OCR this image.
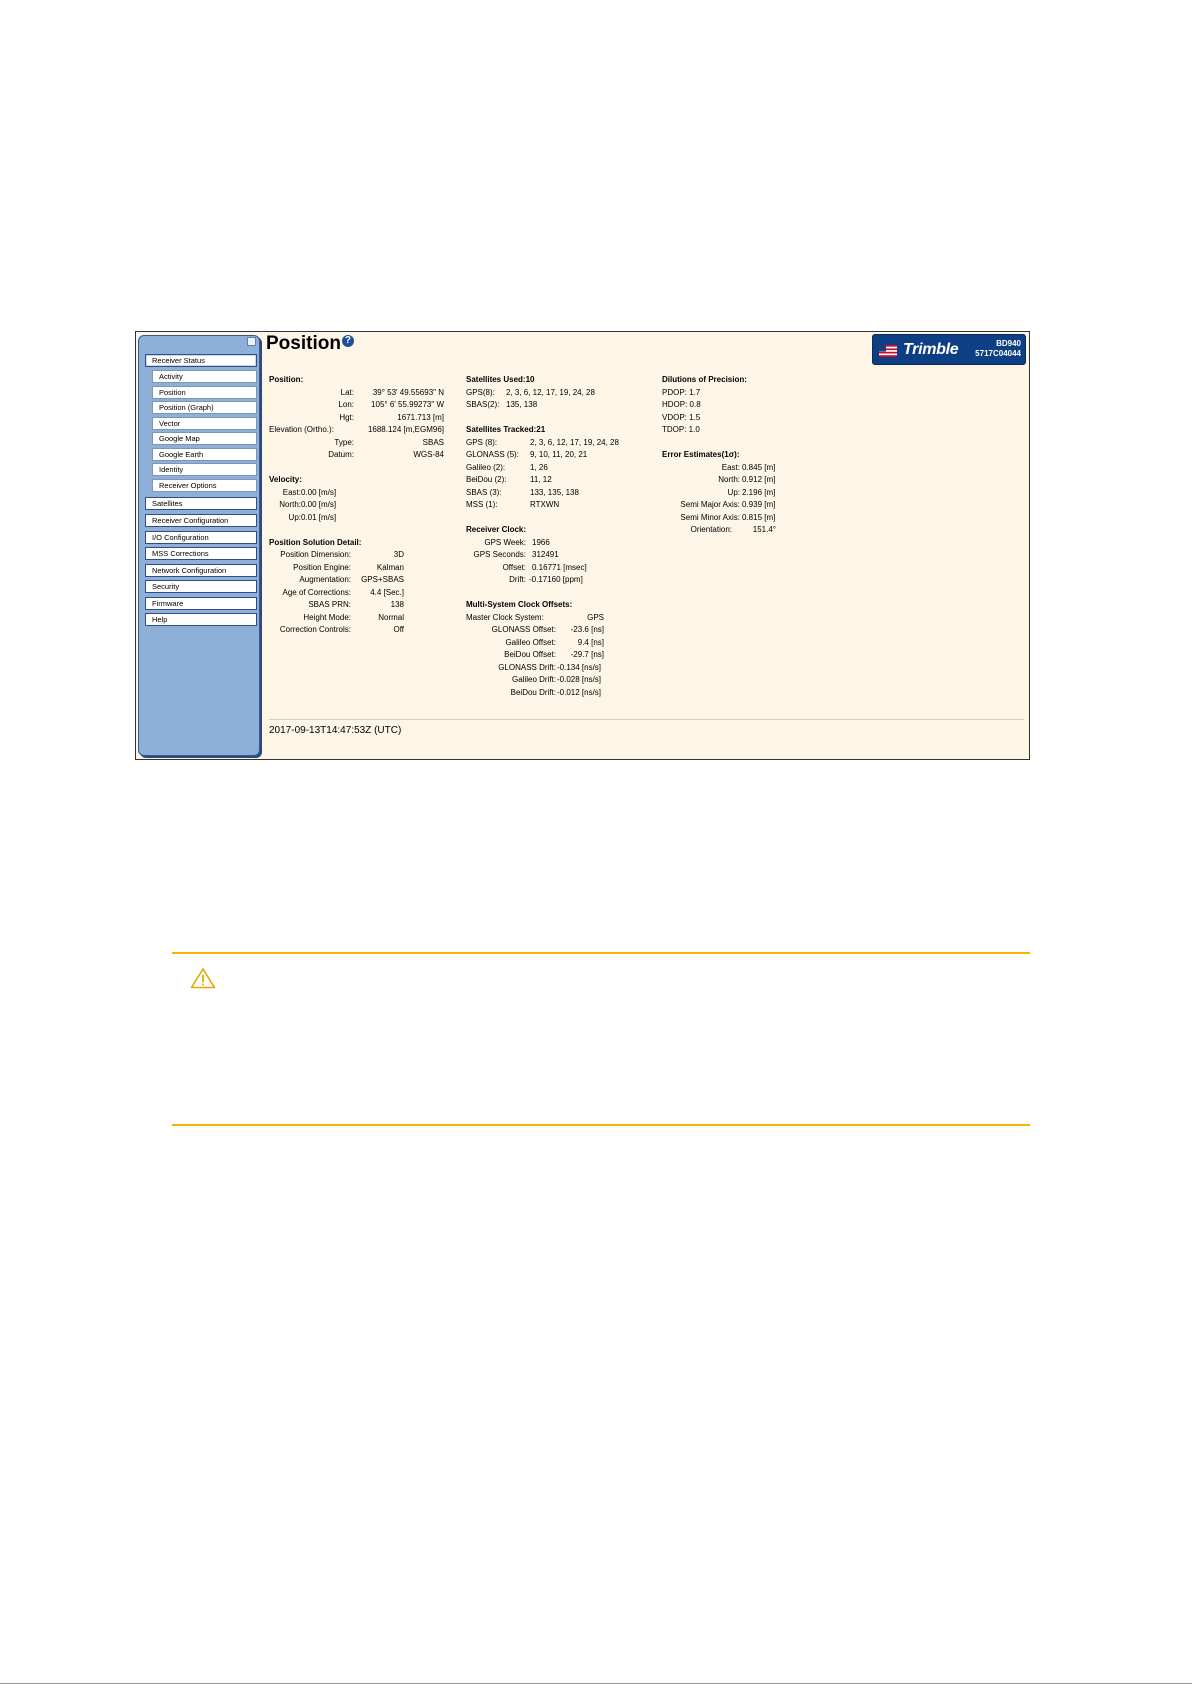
Receiver Status
Activity
Position
Position (Graph)
Vector
Google Map
Google Earth
Identity
Receiver Options
Satellites
Receiver Configuration
I/O Configuration
MSS Corrections
Network Configuration
Security
Firmware
Help
Position ?
Trimble	BD940
5717C04044
Position:
Lat:	39° 53' 49.55693" N
Lon:	105° 6' 55.99273" W
Hgt:	1671.713 [m]
Elevation (Ortho.):	1688.124 [m,EGM96]
Type:	SBAS
Datum:	WGS-84
Velocity:
East: 0.00 [m/s]
North: 0.00 [m/s]
Up: 0.01 [m/s]
Position Solution Detail:
Position Dimension:	3D
Position Engine:	Kalman
Augmentation:	GPS+SBAS
Age of Corrections:	4.4 [Sec.]
SBAS PRN:	138
Height Mode:	Normal
Correction Controls:	Off
Satellites Used:10
GPS(8): 2, 3, 6, 12, 17, 19, 24, 28
SBAS(2): 135, 138
Satellites Tracked:21
GPS (8):	2, 3, 6, 12, 17, 19, 24, 28
GLONASS (5): 9, 10, 11, 20, 21
Galileo (2):	1, 26
BeiDou (2):	11, 12
SBAS (3):	133, 135, 138
MSS (1):	RTXWN
Receiver Clock:
GPS Week: 1966
GPS Seconds: 312491
Offset: 0.16771 [msec]
Drift: -0.17160 [ppm]
Multi-System Clock Offsets:
Master Clock System:	GPS
GLONASS Offset:	-23.6 [ns]
Galileo Offset:	9.4 [ns]
BeiDou Offset:	-29.7 [ns]
GLONASS Drift: -0.134 [ns/s]
Galileo Drift: -0.028 [ns/s]
BeiDou Drift: -0.012 [ns/s]
Dilutions of Precision:
PDOP: 1.7
HDOP: 0.8
VDOP: 1.5
TDOP: 1.0
Error Estimates(1σ):
East: 0.845 [m]
North: 0.912 [m]
Up: 2.196 [m]
Semi Major Axis: 0.939 [m]
Semi Minor Axis: 0.815 [m]
Orientation:	151.4°
2017-09-13T14:47:53Z (UTC)
